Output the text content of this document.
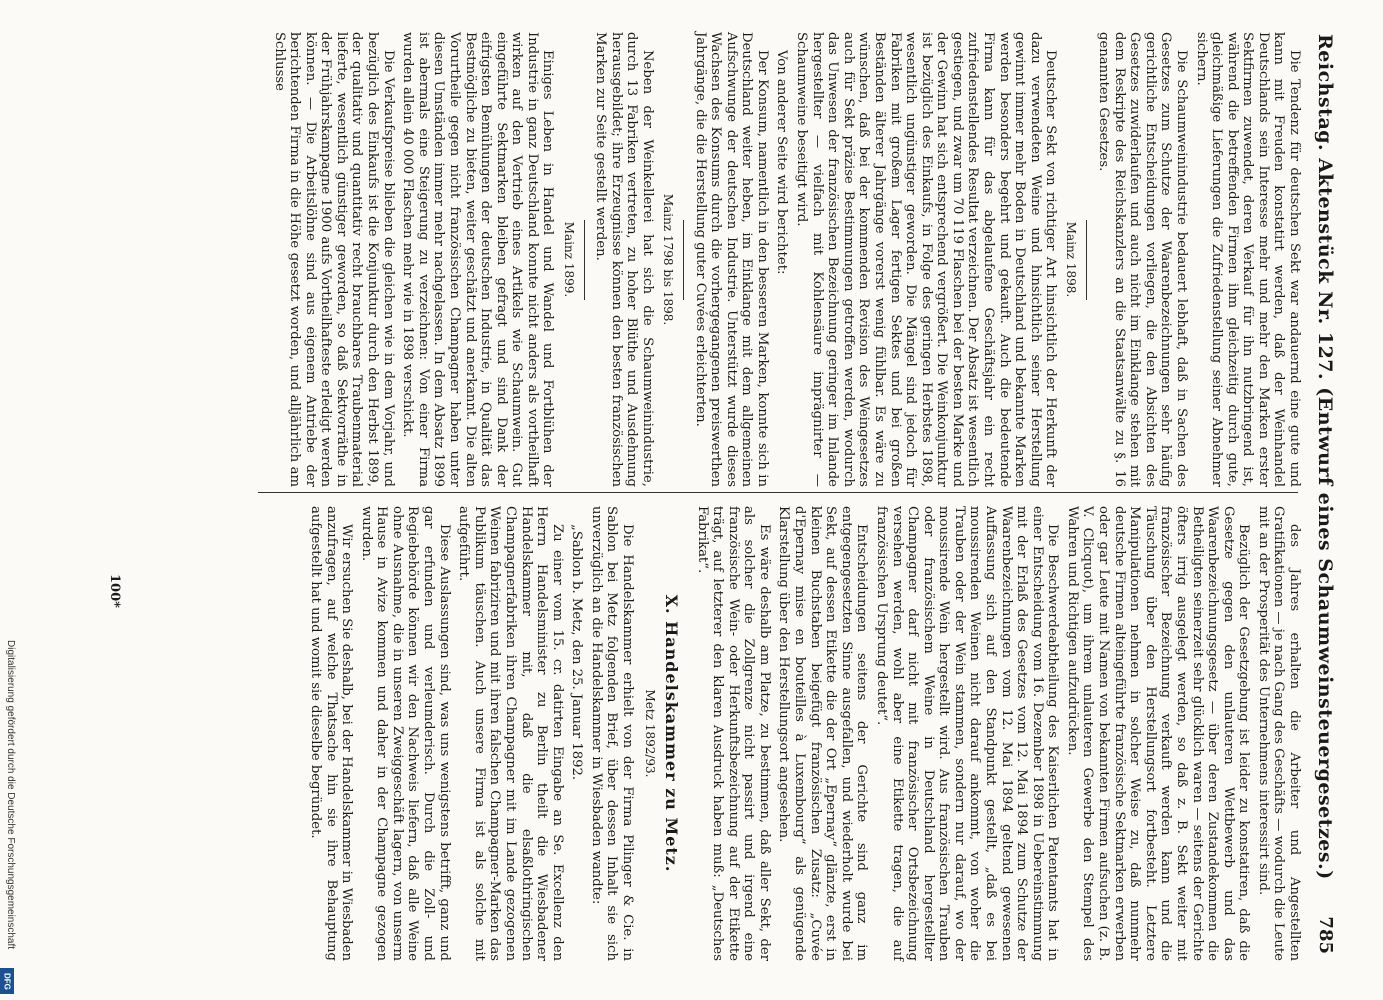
Reichstag. Aktenstück Nr. 127. (Entwurf eines Schaumweinsteuergesetzes.)
785

Die Tendenz für deutschen Sekt war andauernd eine gute und kann mit Freuden konstatirt werden, daß der Weinhandel Deutschlands sein Interesse mehr und mehr den Marken erster Sektfirmen zuwendet, deren Verkauf für ihn nutzbringend ist, während die betreffenden Firmen ihm gleichzeitig durch gute, gleichmäßige Lieferungen die Zufriedenstellung seiner Abnehmer sichern.

Die Schaumweinindustrie bedauert lebhaft, daß in Sachen des Gesetzes zum Schutze der Waarenbezeichnungen sehr häufig gerichtliche Entscheidungen vorliegen, die den Absichten des Gesetzes zuwiderlaufen und auch nicht im Einklange stehen mit dem Reskripte des Reichskanzlers an die Staatsanwälte zu §. 16 genannten Gesetzes.

Mainz 1898.

Deutscher Sekt von richtiger Art hinsichtlich der Herkunft der dazu verwendeten Weine und hinsichtlich seiner Herstellung gewinnt immer mehr Boden in Deutschland und bekannte Marken werden besonders begehrt und gekauft. Auch die bedeutende Firma kann für das abgelaufene Geschäftsjahr ein recht zufriedenstellendes Resultat verzeichnen. Der Absatz ist wesentlich gestiegen, und zwar um 70 119 Flaschen bei der besten Marke und der Gewinn hat sich entsprechend vergrößert. Die Weinkonjunktur ist bezüglich des Einkaufs, in Folge des geringen Herbstes 1898, wesentlich ungünstiger geworden. Die Mängel sind jedoch für Fabriken mit großem Lager fertigen Sektes und bei großen Beständen älterer Jahrgänge vorerst wenig fühlbar. Es wäre zu wünschen, daß bei der kommenden Revision des Weingesetzes auch für Sekt präzise Bestimmungen getroffen werden, wodurch das Unwesen der französischen Bezeichnung geringer im Inlande hergestellter — vielfach mit Kohlensäure imprägnirter — Schaumweine beseitigt wird.

Von anderer Seite wird berichtet:

Der Konsum, namentlich in den besseren Marken, konnte sich in Deutschland weiter heben, im Einklange mit dem allgemeinen Aufschwunge der deutschen Industrie. Unterstützt wurde dieses Wachsen des Konsums durch die vorhergegangenen preiswerthen Jahrgänge, die die Herstellung guter Cuvées erleichterten.

Mainz 1798 bis 1898.

Neben der Weinkellerei hat sich die Schaumweinindustrie, durch 13 Fabriken vertreten, zu hoher Blüthe und Ausdehnung herausgebildet; ihre Erzeugnisse können den besten französischen Marken zur Seite gestellt werden.

Mainz 1899.

Einiges Leben in Handel und Wandel und Fortblühen der Industrie in ganz Deutschland konnte nicht anders als vortheilhaft wirken auf den Vertrieb eines Artikels wie Schaumwein. Gut eingeführte Sektmarken bleiben gefragt und sind Dank der eifrigsten Bemühungen der deutschen Industrie, in Qualität das Bestmögliche zu bieten, weiter geschätzt und anerkannt. Die alten Vorurtheile gegen nicht französischen Champagner haben unter diesen Umständen immer mehr nachgelassen. In dem Absatz 1899 ist abermals eine Steigerung zu verzeichnen: Von einer Firma wurden allein 40 000 Flaschen mehr wie in 1898 verschickt.

Die Verkaufspreise blieben die gleichen wie in dem Vorjahr, und bezüglich des Einkaufs ist die Konjunktur durch den Herbst 1899, der qualitativ und quantitativ recht brauchbares Traubenmaterial lieferte, wesentlich günstiger geworden, so daß Sektvorräthe in der Frühjahrskampagne 1900 aufs Vortheilhafteste erledigt werden können. — Die Arbeitslöhne sind aus eigenem Antriebe der berichtenden Firma in die Höhe gesetzt worden, und alljährlich am Schlusse

des Jahres erhalten die Arbeiter und Angestellten Gratifikationen — je nach Gang des Geschäfts — wodurch die Leute mit an der Prosperität des Unternehmens interessirt sind.

Bezüglich der Gesetzgebung ist leider zu konstatiren, daß die Gesetze gegen den unlauteren Wettbewerb und das Waarenbezeichnungsgesetz — über deren Zustandekommen die Betheiligten seinerzeit sehr glücklich waren — seitens der Gerichte öfters irrig ausgelegt werden, so daß z. B. Sekt weiter mit französischer Bezeichnung verkauft werden kann und die Täuschung über den Herstellungsort fortbesteht. Letztere Manipulationen nehmen in solcher Weise zu, daß nunmehr deutsche Firmen alteingeführte französische Sektmarken erwerben oder gar Leute mit Namen von bekannten Firmen aufsuchen (z. B. V. Clicquot), um ihrem unlauteren Gewerbe den Stempel des Wahren und Richtigen aufzudrücken.

Die Beschwerdeabtheilung des Kaiserlichen Patentamts hat in einer Entscheidung vom 16. Dezember 1898 in Uebereinstimmung mit der Erlaß des Gesetzes vom 12. Mai 1894 zum Schutze der Waarenbezeichnungen vom 12. Mai 1894 geltend gewesenen Auffassung sich auf den Standpunkt gestellt, „daß es bei moussirenden Weinen nicht darauf ankommt, von woher die Trauben oder der Wein stammen, sondern nur darauf, wo der moussirende Wein hergestellt wird. Aus französischen Trauben oder französischem Weine in Deutschland hergestellter Champagner darf nicht mit französischer Ortsbezeichnung versehen werden, wohl aber eine Etikette tragen, die auf französischen Ursprung deutet“.

Entscheidungen seitens der Gerichte sind ganz im entgegengesetzten Sinne ausgefallen, und wiederholt wurde bei Sekt, auf dessen Etikette die der Ort „Epernay“ glänzte, erst in kleinen Buchstaben beigefügt französischen Zusatz: „Cuvée d'Epernay mise en bouteilles à Luxembourg“ als genügende Klarstellung über den Herstellungsort angesehen.

Es wäre deshalb am Platze, zu bestimmen, daß aller Sekt, der als solcher die Zollgrenze nicht passirt und irgend eine französische Wein- oder Herkunftsbezeichnung auf der Etikette trägt, auf letzterer den klaren Ausdruck haben muß: „Deutsches Fabrikat“.

X. Handelskammer zu Metz.

Metz 1892/93.

Die Handelskammer erhielt von der Firma Pilinger & Cie. in Sablon bei Metz folgenden Brief, über dessen Inhalt sie sich unverzüglich an die Handelskammer in Wiesbaden wandte:

„Sablon b. Metz, den 25. Januar 1892.

Zu einer vom 15. cr. datirten Eingabe an Se. Excellenz den Herrn Handelsminister zu Berlin theilt die Wiesbadener Handelskammer mit, daß die elsaßlothringischen Champagnerfabriken ihren Champagner mit im Lande gezogenen Weinen fabriziren und mit ihren falschen Champagner-Marken das Publikum täuschen. Auch unsere Firma ist als solche mit aufgeführt.

Diese Auslassungen sind, was uns wenigstens betrifft, ganz und gar erfunden und verleumderisch. Durch die Zoll- und Regiebehörde können wir den Nachweis liefern, daß alle Weine ohne Ausnahme, die in unseren Zweiggeschäft lagern, von unserm Hause in Avize kommen und daher in der Champagne gezogen wurden.

Wir ersuchen Sie deshalb, bei der Handelskammer in Wiesbaden anzufragen, auf welche Thatsache hin sie ihre Behauptung aufgestellt hat und womit sie dieselbe begründet.

100*
Digitalisierung gefördert durch die Deutsche Forschungsgemeinschaft
DFG
